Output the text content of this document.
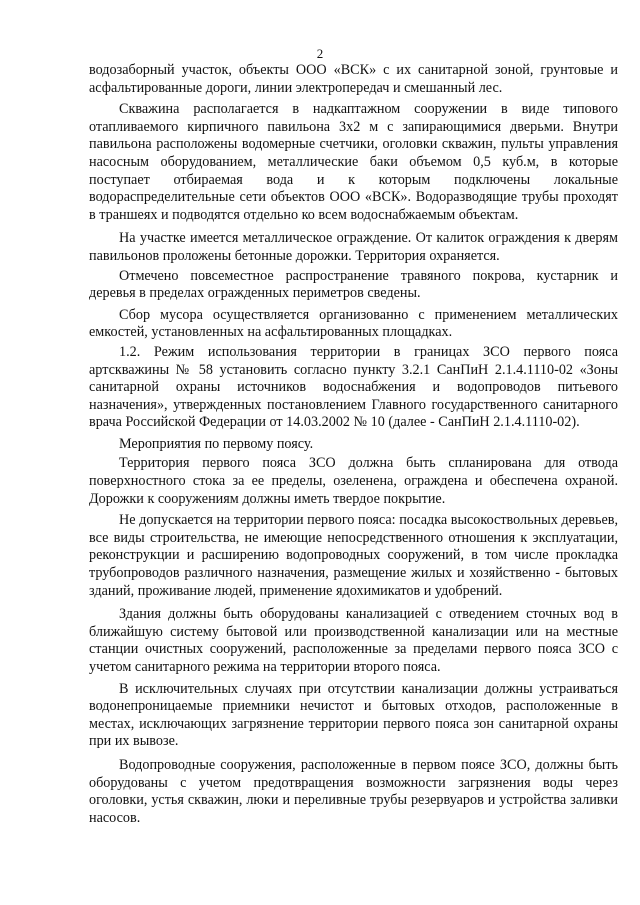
2

водозаборный участок, объекты ООО «ВСК» с их санитарной зоной, грунтовые и асфальтированные дороги, линии электропередач и смешанный лес.

Скважина располагается в надкаптажном сооружении в виде типового отапливаемого кирпичного павильона 3х2 м с запирающимися дверьми. Внутри павильона расположены водомерные счетчики, оголовки скважин, пульты управления насосным оборудованием, металлические баки объемом 0,5 куб.м, в которые поступает отбираемая вода и к которым подключены локальные водораспределительные сети объектов ООО «ВСК». Водоразводящие трубы проходят в траншеях и подводятся отдельно ко всем водоснабжаемым объектам.

На участке имеется металлическое ограждение. От калиток ограждения к дверям павильонов проложены бетонные дорожки. Территория охраняется.

Отмечено повсеместное распространение травяного покрова, кустарник и деревья в пределах огражденных периметров сведены.

Сбор мусора осуществляется организованно с применением металлических емкостей, установленных на асфальтированных площадках.

1.2. Режим использования территории в границах ЗСО первого пояса артскважины № 58 установить согласно пункту 3.2.1 СанПиН 2.1.4.1110-02 «Зоны санитарной охраны источников водоснабжения и водопроводов питьевого назначения», утвержденных постановлением Главного государственного санитарного врача Российской Федерации от 14.03.2002 № 10 (далее - СанПиН 2.1.4.1110-02).

Мероприятия по первому поясу.

Территория первого пояса ЗСО должна быть спланирована для отвода поверхностного стока за ее пределы, озеленена, ограждена и обеспечена охраной. Дорожки к сооружениям должны иметь твердое покрытие.

Не допускается на территории первого пояса: посадка высокоствольных деревьев, все виды строительства, не имеющие непосредственного отношения к эксплуатации, реконструкции и расширению водопроводных сооружений, в том числе прокладка трубопроводов различного назначения, размещение жилых и хозяйственно - бытовых зданий, проживание людей, применение ядохимикатов и удобрений.

Здания должны быть оборудованы канализацией с отведением сточных вод в ближайшую систему бытовой или производственной канализации или на местные станции очистных сооружений, расположенные за пределами первого пояса ЗСО с учетом санитарного режима на территории второго пояса.

В исключительных случаях при отсутствии канализации должны устраиваться водонепроницаемые приемники нечистот и бытовых отходов, расположенные в местах, исключающих загрязнение территории первого пояса зон санитарной охраны при их вывозе.

Водопроводные сооружения, расположенные в первом поясе ЗСО, должны быть оборудованы с учетом предотвращения возможности загрязнения воды через оголовки, устья скважин, люки и переливные трубы резервуаров и устройства заливки насосов.
